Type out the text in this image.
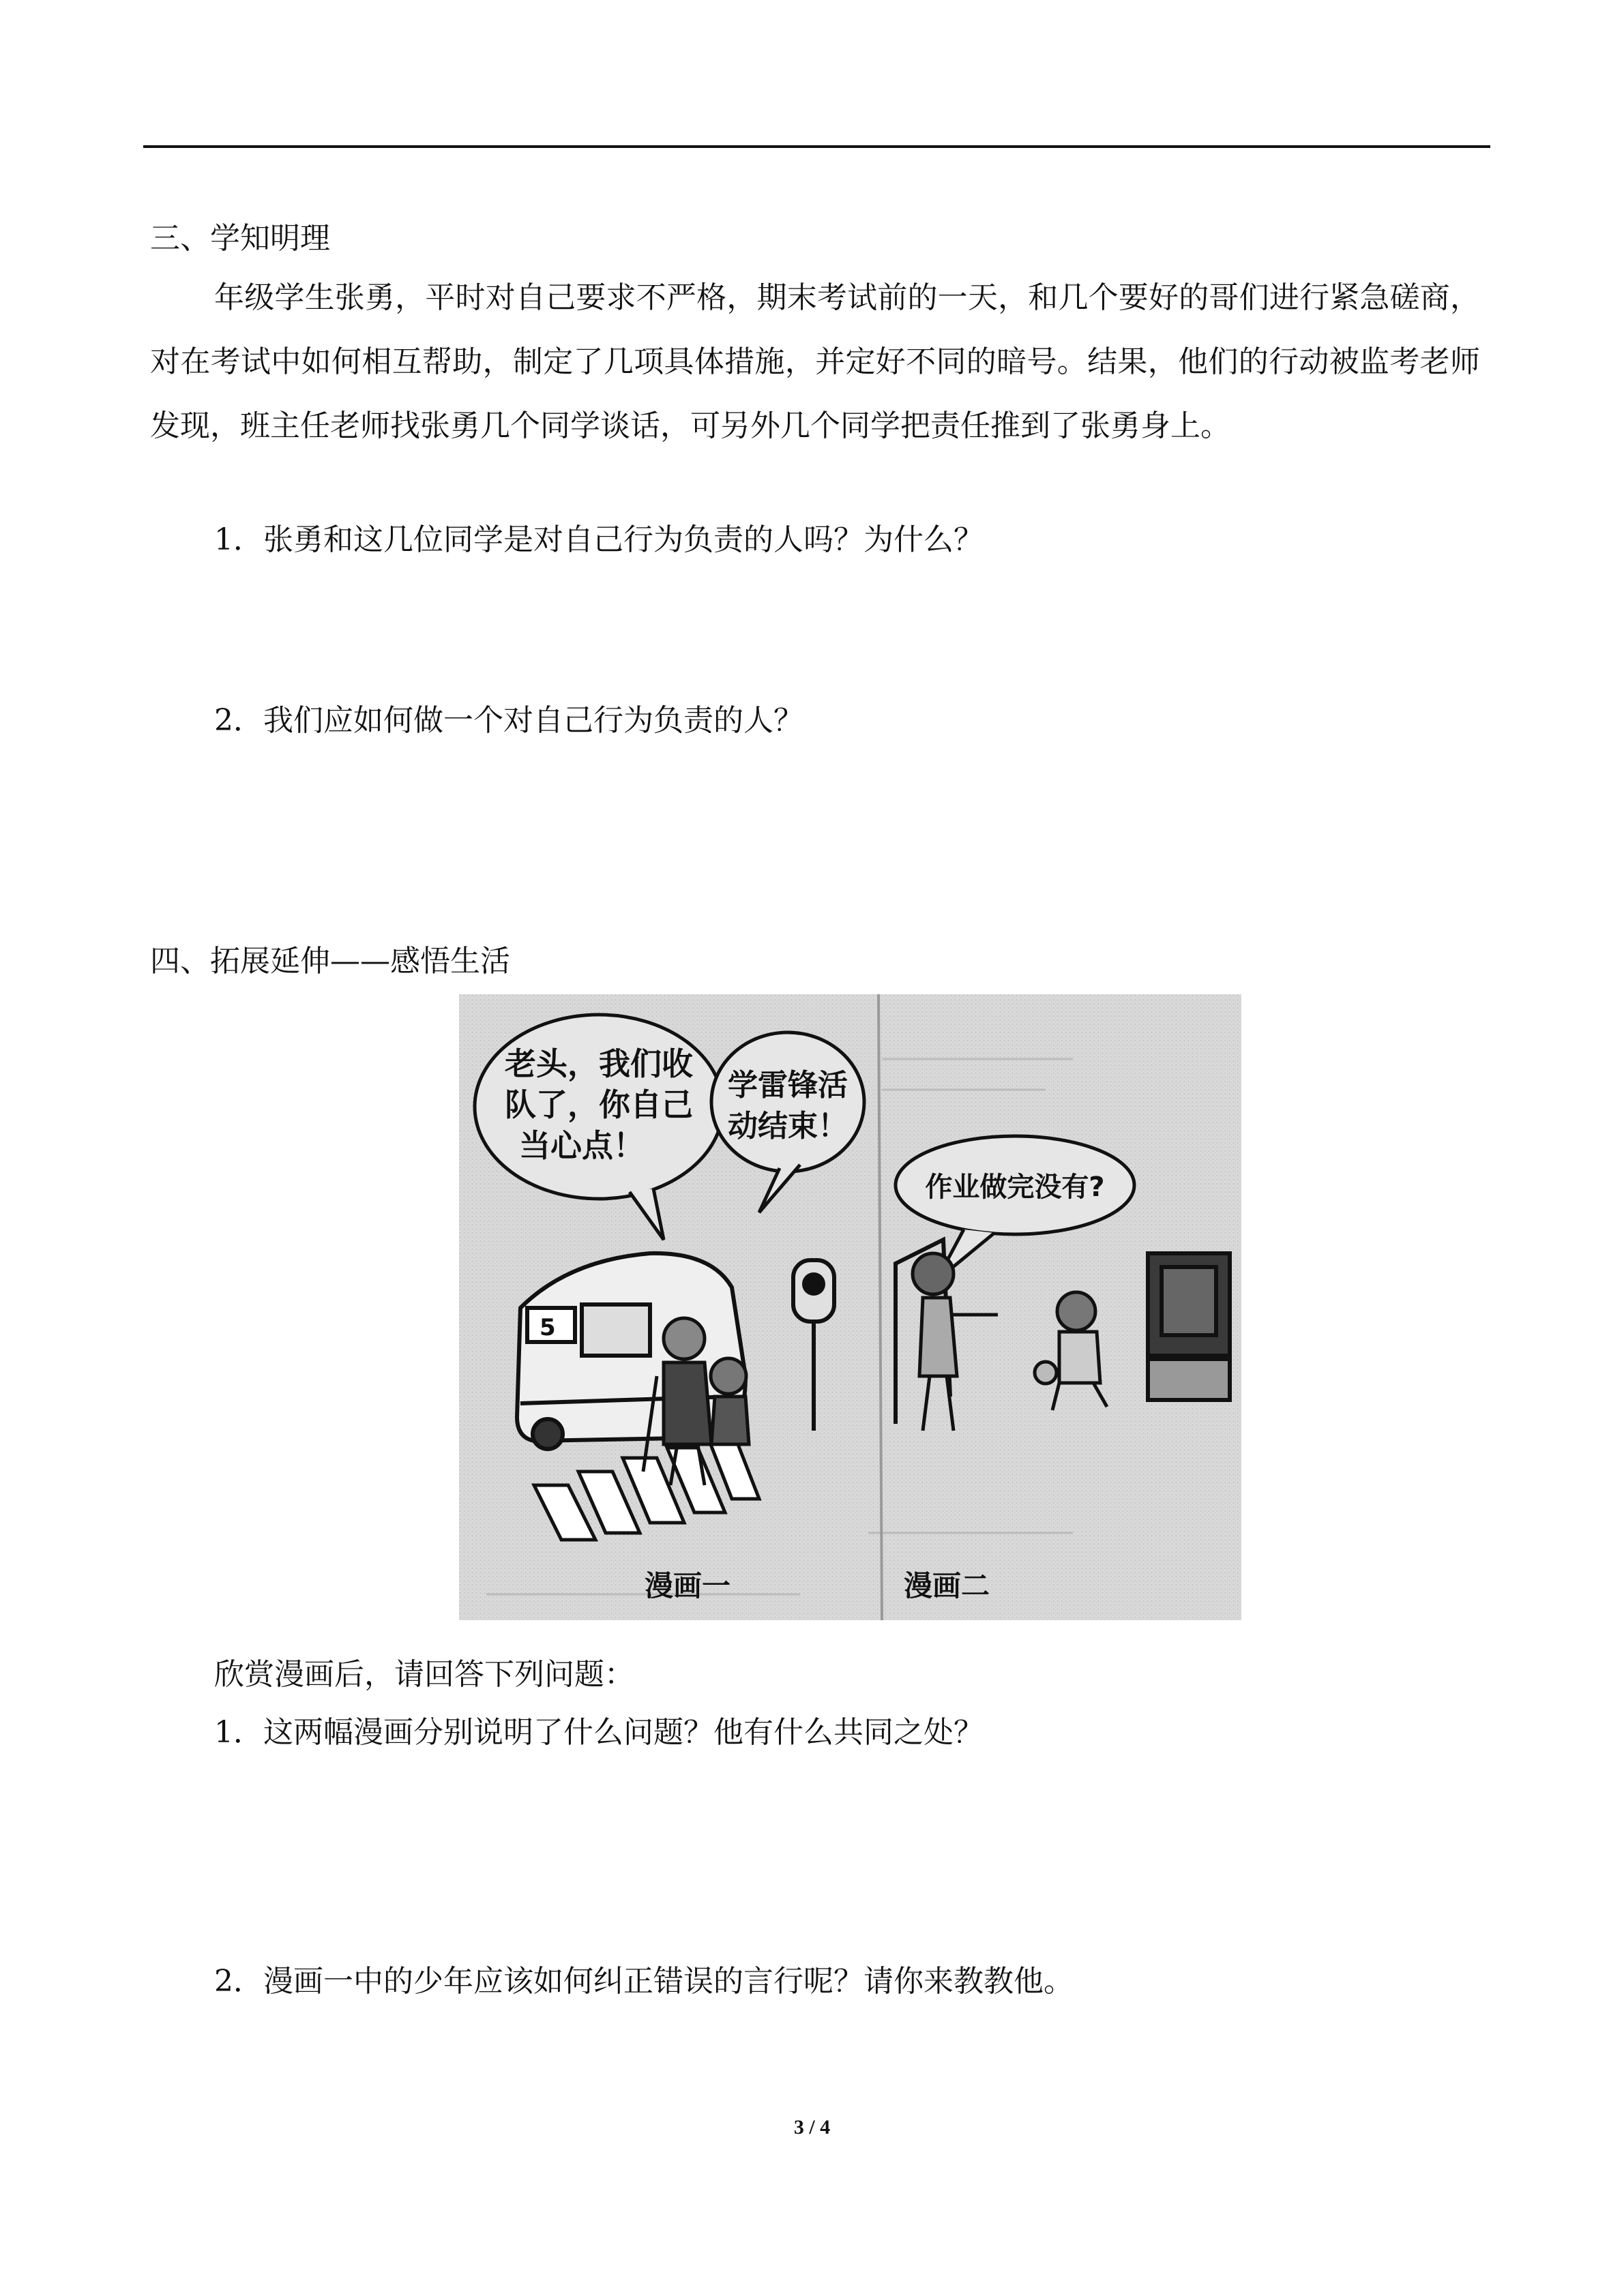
三、学知明理
年级学生张勇，平时对自己要求不严格，期末考试前的一天，和几个要好的哥们进行紧急磋商，对在考试中如何相互帮助，制定了几项具体措施，并定好不同的暗号。结果，他们的行动被监考老师发现，班主任老师找张勇几个同学谈话，可另外几个同学把责任推到了张勇身上。
1．张勇和这几位同学是对自己行为负责的人吗？为什么？
2．我们应如何做一个对自己行为负责的人？
四、拓展延伸——感悟生活
老头，我们收
队了，你自己
当心点！
学雷锋活
动结束！
作业做完没有?
5
漫画一	漫画二
欣赏漫画后，请回答下列问题：
1．这两幅漫画分别说明了什么问题？他有什么共同之处？
2．漫画一中的少年应该如何纠正错误的言行呢？请你来教教他。
3 / 4
